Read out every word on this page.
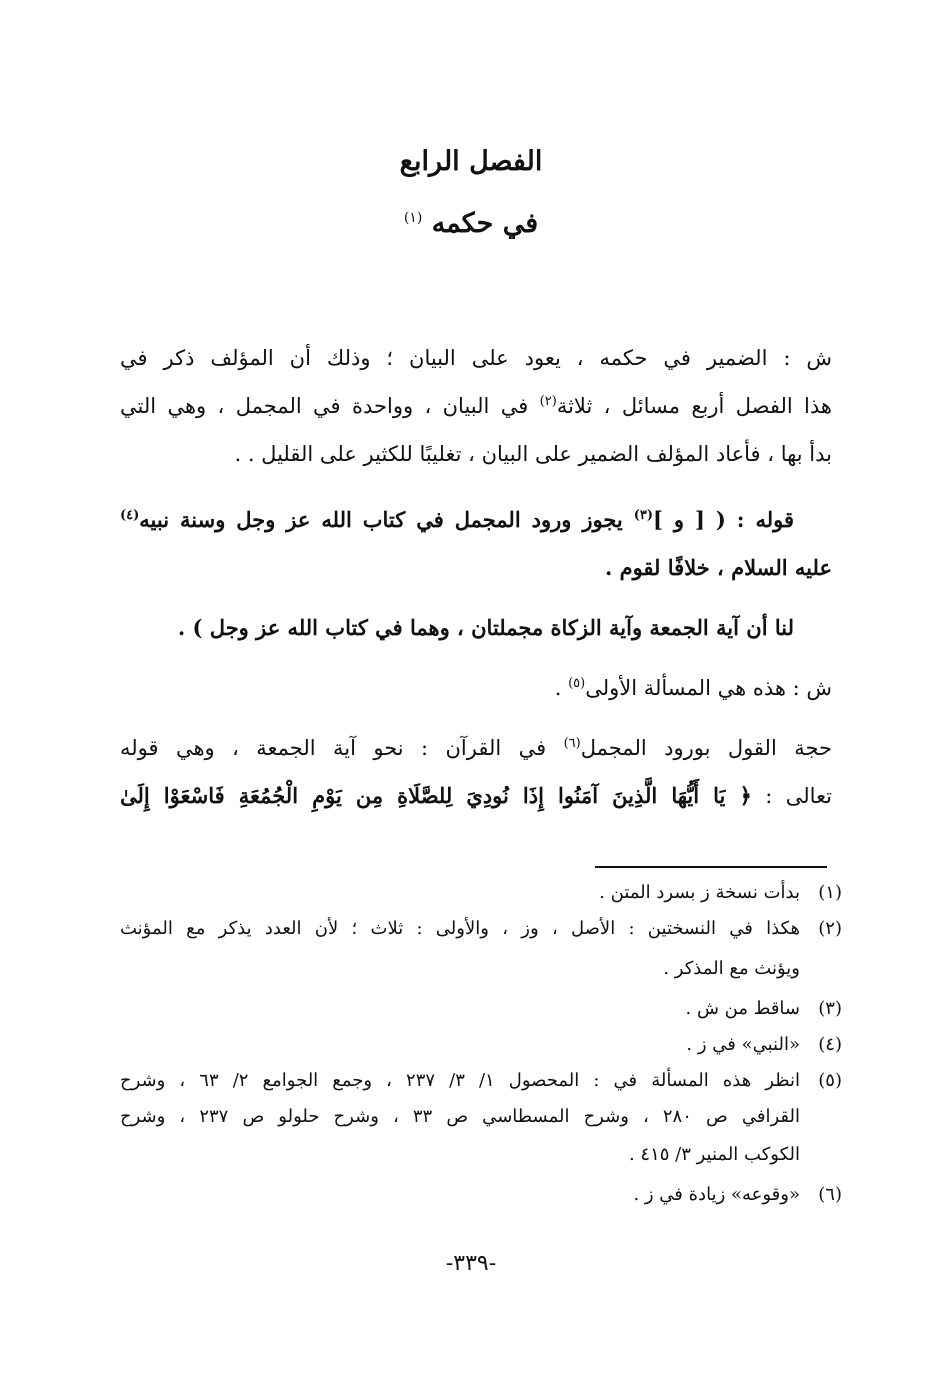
الفصل الرابع
في حكمه $^{(١)}$
ش : الضمير في حكمه ، يعود على البيان ؛ وذلك أن المؤلف ذكر في
هذا الفصل أربع مسائل ، ثلاثة$^{(٢)}$ في البيان ، وواحدة في المجمل ، وهي التي
بدأ بها ، فأعاد المؤلف الضمير على البيان ، تغليبًا للكثير على القليل . .
قوله : ( [ و ]$^{(٣)}$ يجوز ورود المجمل في كتاب الله عز وجل وسنة نبيه$^{(٤)}$
عليه السلام ، خلافًا لقوم .
لنا أن آية الجمعة وآية الزكاة مجملتان ، وهما في كتاب الله عز وجل ) .
ش : هذه هي المسألة الأولى$^{(٥)}$ .
حجة القول بورود المجمل$^{(٦)}$ في القرآن : نحو آية الجمعة ، وهي قوله
تعالى : ﴿ يَا أَيُّهَا الَّذِينَ آمَنُوا إِذَا نُودِيَ لِلصَّلَاةِ مِن يَوْمِ الْجُمُعَةِ فَاسْعَوْا إِلَىٰ
(١)بدأت نسخة ز بسرد المتن .
(٢)هكذا في النسختين : الأصل ، وز ، والأولى : ثلاث ؛ لأن العدد يذكر مع المؤنث
ويؤنث مع المذكر .
(٣)ساقط من ش .
(٤)«النبي» في ز .
(٥)انظر هذه المسألة في : المحصول ١/ ٣/ ٢٣٧ ، وجمع الجوامع ٢/ ٦٣ ، وشرح
القرافي ص ٢٨٠ ، وشرح المسطاسي ص ٣٣ ، وشرح حلولو ص ٢٣٧ ، وشرح
الكوكب المنير ٣/ ٤١٥ .
(٦)«وقوعه» زيادة في ز .
-٣٣٩-
